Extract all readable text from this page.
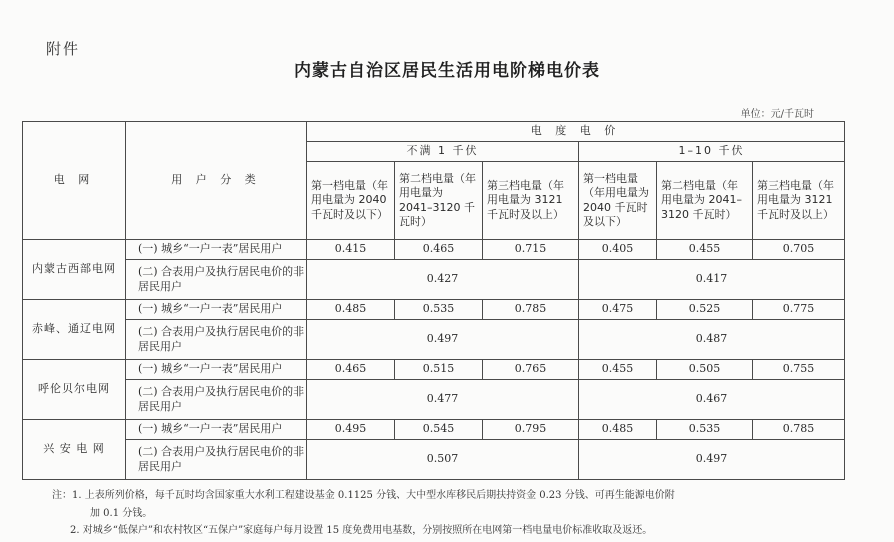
附件
内蒙古自治区居民生活用电阶梯电价表
单位：元/千瓦时
电 网	用 户 分 类	电 度 电 价					
		不满 1 千伏			1–10 千伏		
		第一档电量（年用电量为 2040 千瓦时及以下）	第二档电量（年用电量为 2041–3120 千瓦时）	第三档电量（年用电量为 3121 千瓦时及以上）	第一档电量（年用电量为 2040 千瓦时及以下）	第二档电量（年用电量为 2041–3120 千瓦时）	第三档电量（年用电量为 3121 千瓦时及以上）
内蒙古西部电网	(一) 城乡“一户一表”居民用户	0.415	0.465	0.715	0.405	0.455	0.705
	(二) 合表用户及执行居民电价的非居民用户	0.427			0.417		
赤峰、通辽电网	(一) 城乡“一户一表”居民用户	0.485	0.535	0.785	0.475	0.525	0.775
	(二) 合表用户及执行居民电价的非居民用户	0.497			0.487		
呼伦贝尔电网	(一) 城乡“一户一表”居民用户	0.465	0.515	0.765	0.455	0.505	0.755
	(二) 合表用户及执行居民电价的非居民用户	0.477			0.467		
兴 安 电 网	(一) 城乡“一户一表”居民用户	0.495	0.545	0.795	0.485	0.535	0.785
	(二) 合表用户及执行居民电价的非居民用户	0.507			0.497		
注：1. 上表所列价格，每千瓦时均含国家重大水利工程建设基金 0.1125 分钱、大中型水库移民后期扶持资金 0.23 分钱、可再生能源电价附
加 0.1 分钱。
2. 对城乡“低保户”和农村牧区“五保户”家庭每户每月设置 15 度免费用电基数，分别按照所在电网第一档电量电价标准收取及返还。
